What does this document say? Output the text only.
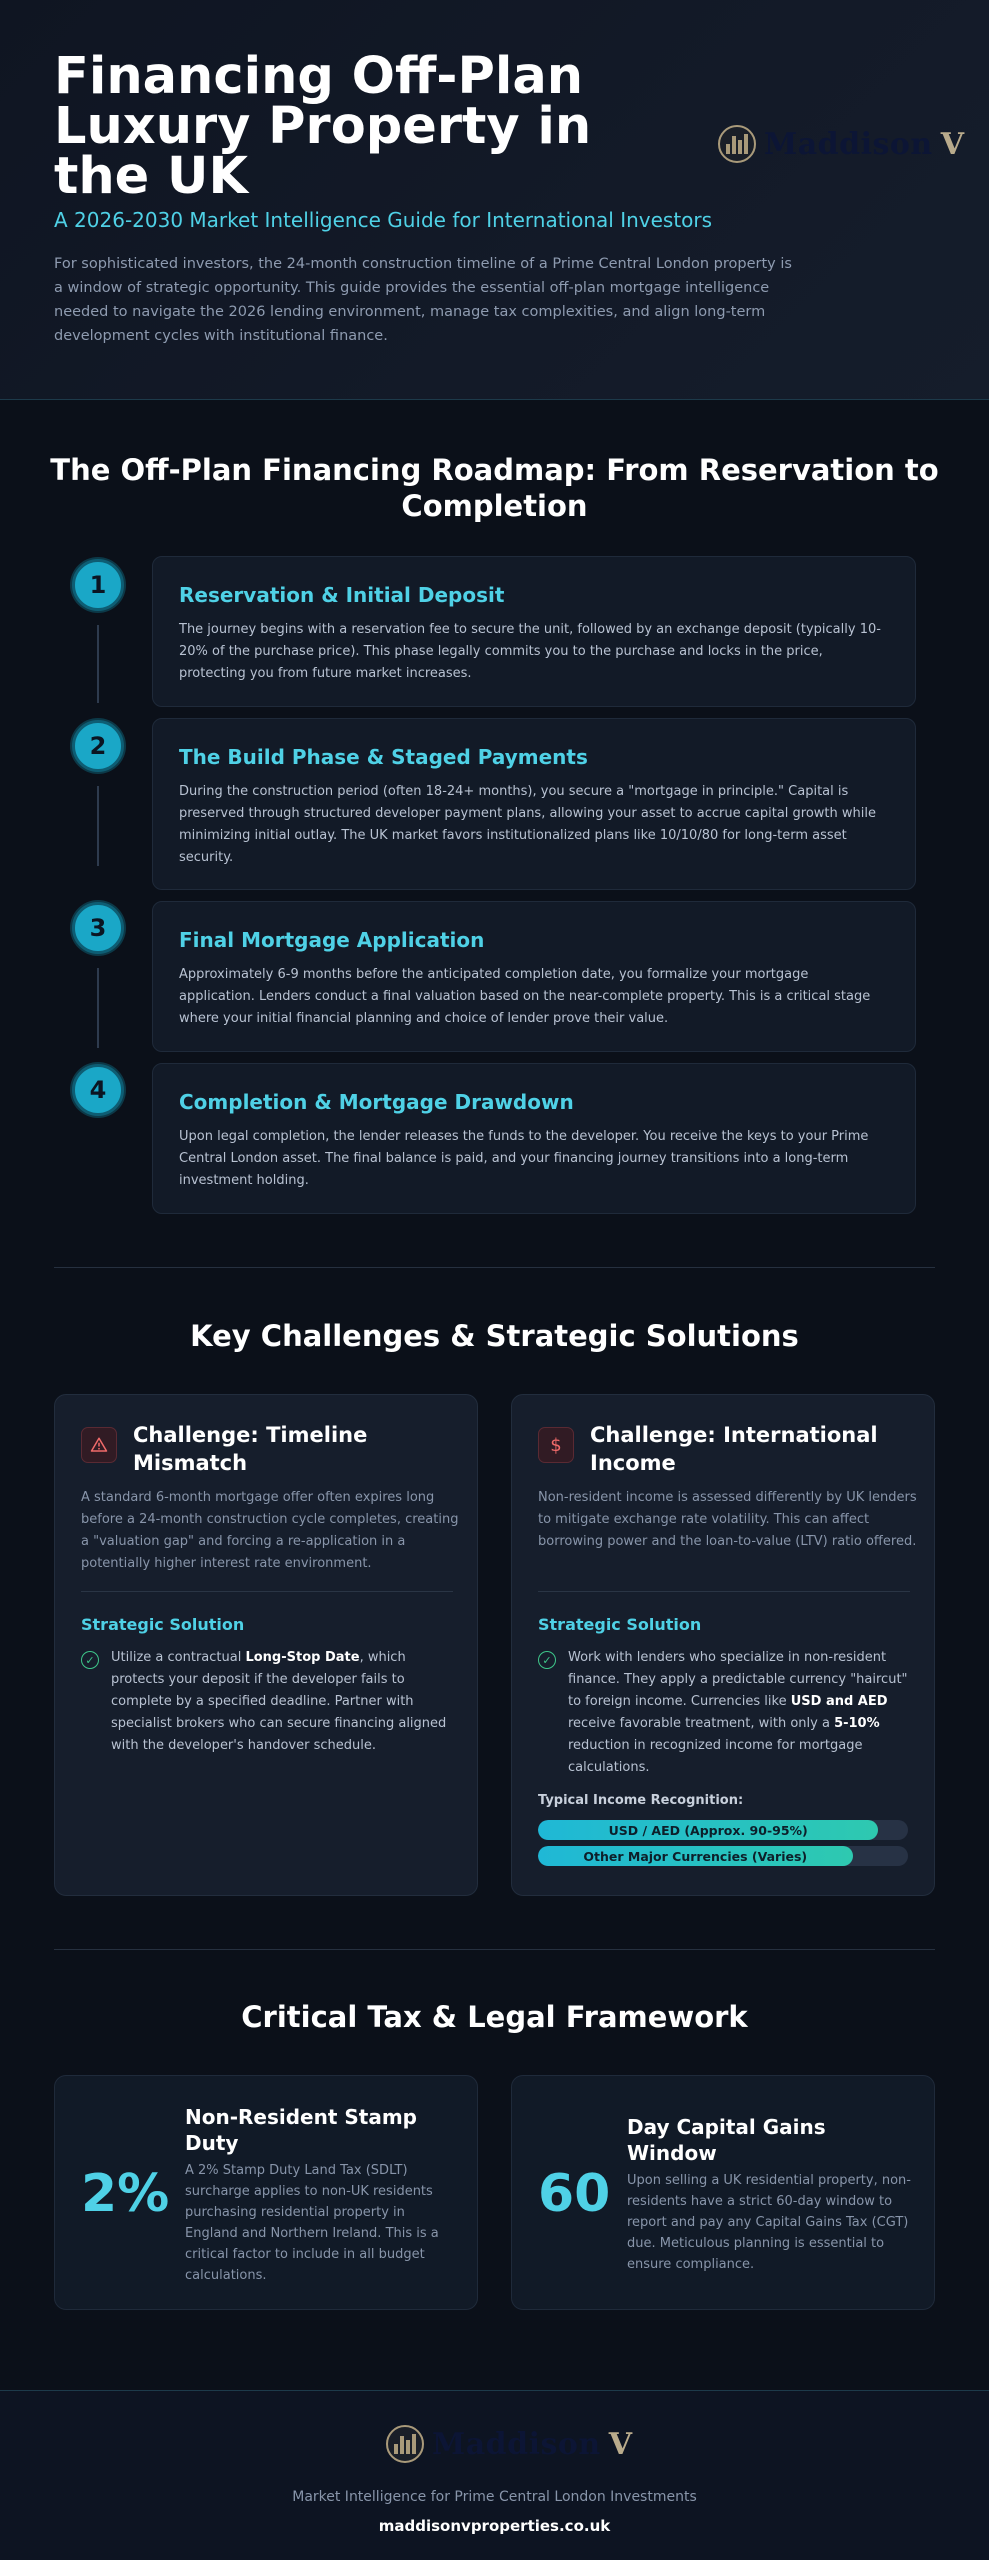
Financing Off-Plan Luxury Property in the UK
Maddison V

A 2026-2030 Market Intelligence Guide for International Investors

For sophisticated investors, the 24-month construction timeline of a Prime Central London property is a window of strategic opportunity. This guide provides the essential off-plan mortgage intelligence needed to navigate the 2026 lending environment, manage tax complexities, and align long-term development cycles with institutional finance.

The Off-Plan Financing Roadmap: From Reservation to Completion
1	Reservation & Initial Deposit
The journey begins with a reservation fee to secure the unit, followed by an exchange deposit (typically 10-20% of the purchase price). This phase legally commits you to the purchase and locks in the price, protecting you from future market increases.
2	The Build Phase & Staged Payments
During the construction period (often 18-24+ months), you secure a "mortgage in principle." Capital is preserved through structured developer payment plans, allowing your asset to accrue capital growth while minimizing initial outlay. The UK market favors institutionalized plans like 10/10/80 for long-term asset security.
3	Final Mortgage Application
Approximately 6-9 months before the anticipated completion date, you formalize your mortgage application. Lenders conduct a final valuation based on the near-complete property. This is a critical stage where your initial financial planning and choice of lender prove their value.
4	Completion & Mortgage Drawdown
Upon legal completion, the lender releases the funds to the developer. You receive the keys to your Prime Central London asset. The final balance is paid, and your financing journey transitions into a long-term investment holding.
Key Challenges & Strategic Solutions
Challenge: Timeline Mismatch
A standard 6-month mortgage offer often expires long before a 24-month construction cycle completes, creating a "valuation gap" and forcing a re-application in a potentially higher interest rate environment.
Strategic Solution
✓	Utilize a contractual Long-Stop Date, which protects your deposit if the developer fails to complete by a specified deadline. Partner with specialist brokers who can secure financing aligned with the developer's handover schedule.
$	Challenge: International Income
Non-resident income is assessed differently by UK lenders to mitigate exchange rate volatility. This can affect borrowing power and the loan-to-value (LTV) ratio offered.
Strategic Solution
✓	Work with lenders who specialize in non-resident finance. They apply a predictable currency "haircut" to foreign income. Currencies like USD and AED receive favorable treatment, with only a 5-10% reduction in recognized income for mortgage calculations.
Typical Income Recognition:
USD / AED (Approx. 90-95%)
Other Major Currencies (Varies)
Critical Tax & Legal Framework
2%
Non-Resident Stamp Duty
A 2% Stamp Duty Land Tax (SDLT) surcharge applies to non-UK residents purchasing residential property in England and Northern Ireland. This is a critical factor to include in all budget calculations.
60
Day Capital Gains Window
Upon selling a UK residential property, non-residents have a strict 60-day window to report and pay any Capital Gains Tax (CGT) due. Meticulous planning is essential to ensure compliance.
Maddison V

Market Intelligence for Prime Central London Investments

maddisonvproperties.co.uk
